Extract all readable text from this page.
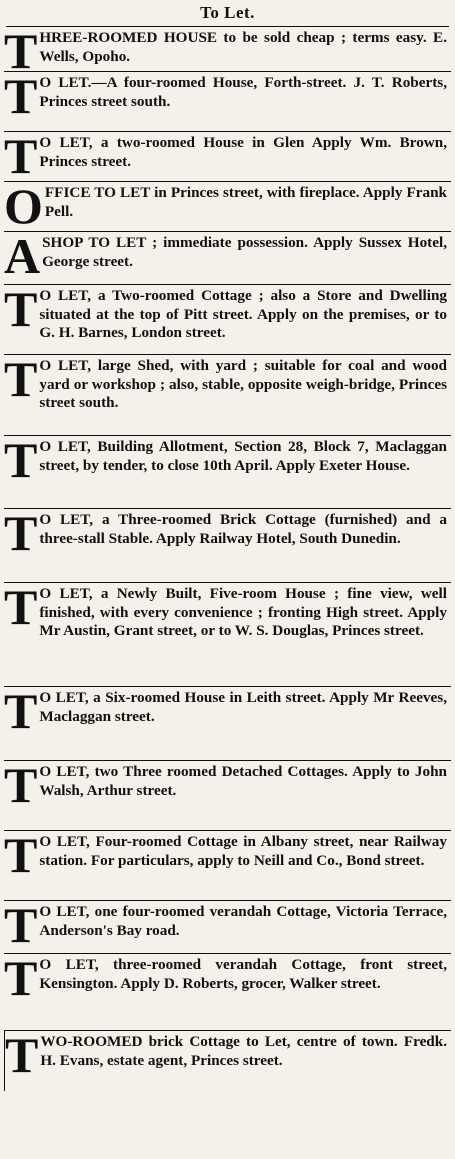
To Let.
T HREE-ROOMED HOUSE to be sold cheap ; terms easy. E. Wells, Opoho.

T O LET.—A four-roomed House, Forth-street. J. T. Roberts, Princes street south.

T O LET, a two-roomed House in Glen Apply Wm. Brown, Princes street.

O FFICE TO LET in Princes street, with fireplace. Apply Frank Pell.

A SHOP TO LET ; immediate possession. Apply Sussex Hotel, George street.

T O LET, a Two-roomed Cottage ; also a Store and Dwelling situated at the top of Pitt street. Apply on the premises, or to G. H. Barnes, London street.

T O LET, large Shed, with yard ; suitable for coal and wood yard or workshop ; also, stable, opposite weigh-bridge, Princes street south.

T O LET, Building Allotment, Section 28, Block 7, Maclaggan street, by tender, to close 10th April. Apply Exeter House.

T O LET, a Three-roomed Brick Cottage (furnished) and a three-stall Stable. Apply Railway Hotel, South Dunedin.

T O LET, a Newly Built, Five-room House ; fine view, well finished, with every convenience ; fronting High street. Apply Mr Austin, Grant street, or to W. S. Douglas, Princes street.

T O LET, a Six-roomed House in Leith street. Apply Mr Reeves, Maclaggan street.

T O LET, two Three roomed Detached Cottages. Apply to John Walsh, Arthur street.

T O LET, Four-roomed Cottage in Albany street, near Railway station. For particulars, apply to Neill and Co., Bond street.

T O LET, one four-roomed verandah Cottage, Victoria Terrace, Anderson's Bay road.

T O LET, three-roomed verandah Cottage, front street, Kensington. Apply D. Roberts, grocer, Walker street.

T WO-ROOMED brick Cottage to Let, centre of town. Fredk. H. Evans, estate agent, Princes street.
